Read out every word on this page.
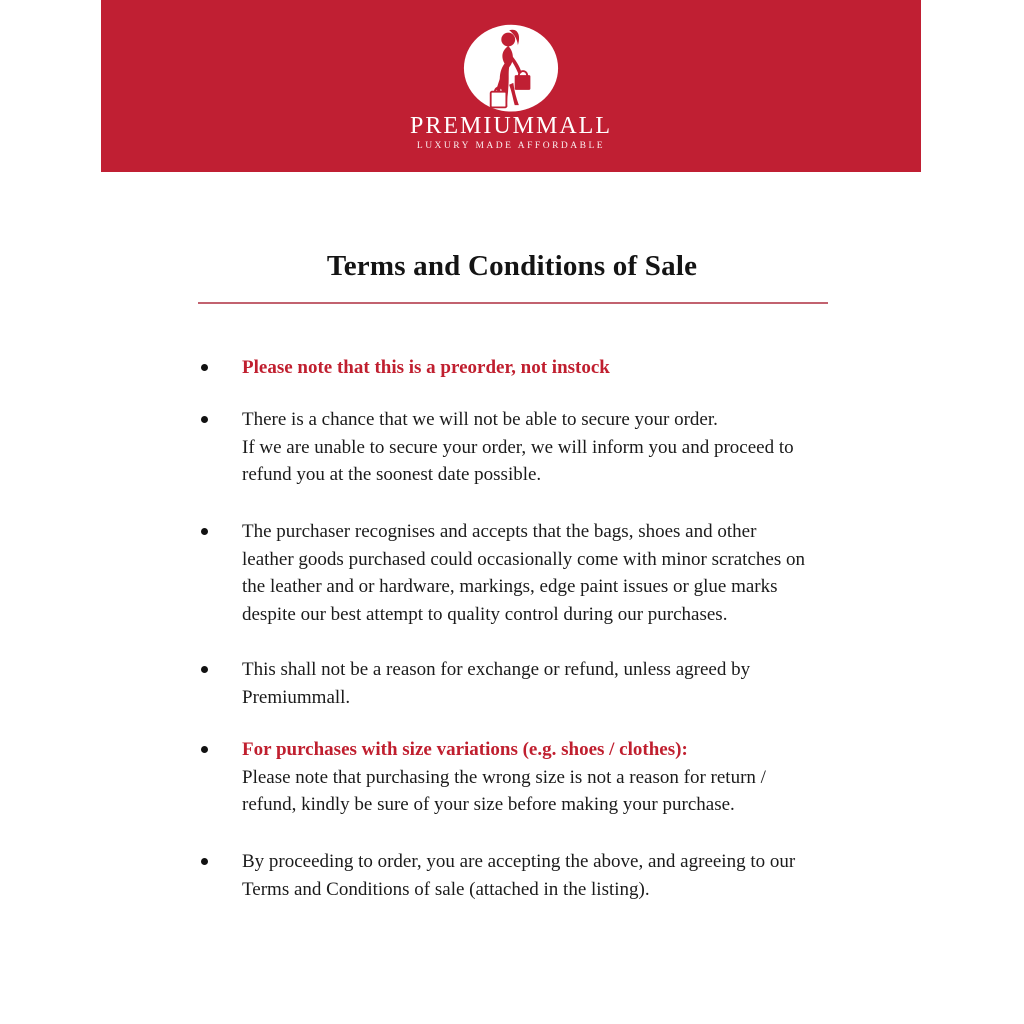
PREMIUMMALL
LUXURY MADE AFFORDABLE
Terms and Conditions of Sale
Please note that this is a preorder, not instock
There is a chance that we will not be able to secure your order.
If we are unable to secure your order, we will inform you and proceed to
refund you at the soonest date possible.
The purchaser recognises and accepts that the bags, shoes and other
leather goods purchased could occasionally come with minor scratches on
the leather and or hardware, markings, edge paint issues or glue marks
despite our best attempt to quality control during our purchases.
This shall not be a reason for exchange or refund, unless agreed by
Premiummall.
For purchases with size variations (e.g. shoes / clothes):
Please note that purchasing the wrong size is not a reason for return /
refund, kindly be sure of your size before making your purchase.
By proceeding to order, you are accepting the above, and agreeing to our
Terms and Conditions of sale (attached in the listing).
